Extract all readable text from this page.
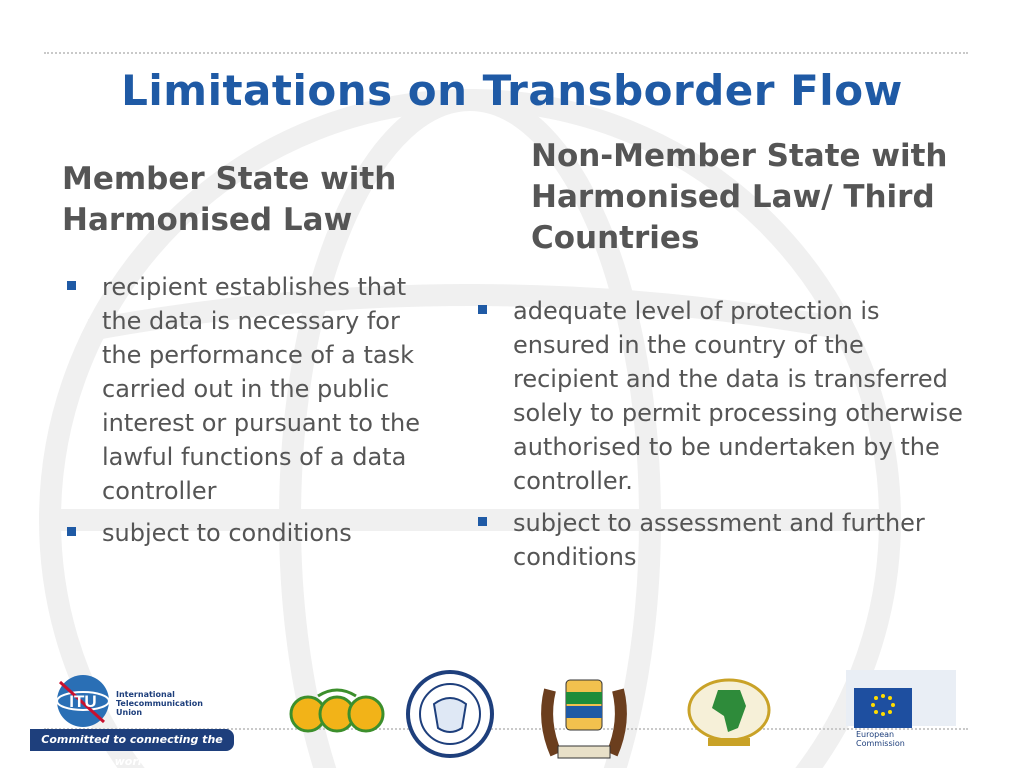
Limitations on Transborder Flow
Member State with Harmonised Law
Non-Member State with Harmonised Law/ Third Countries
recipient establishes that the data is necessary for the performance of a task carried out in the public interest or pursuant to the lawful functions of a data controller
subject to conditions
adequate level of protection is ensured in the country of the recipient and the data is transferred solely to permit processing otherwise authorised to be undertaken by the controller.
subject to assessment and further conditions
ITU International
Telecommunication
Union
Committed to connecting the world
European
Commission
